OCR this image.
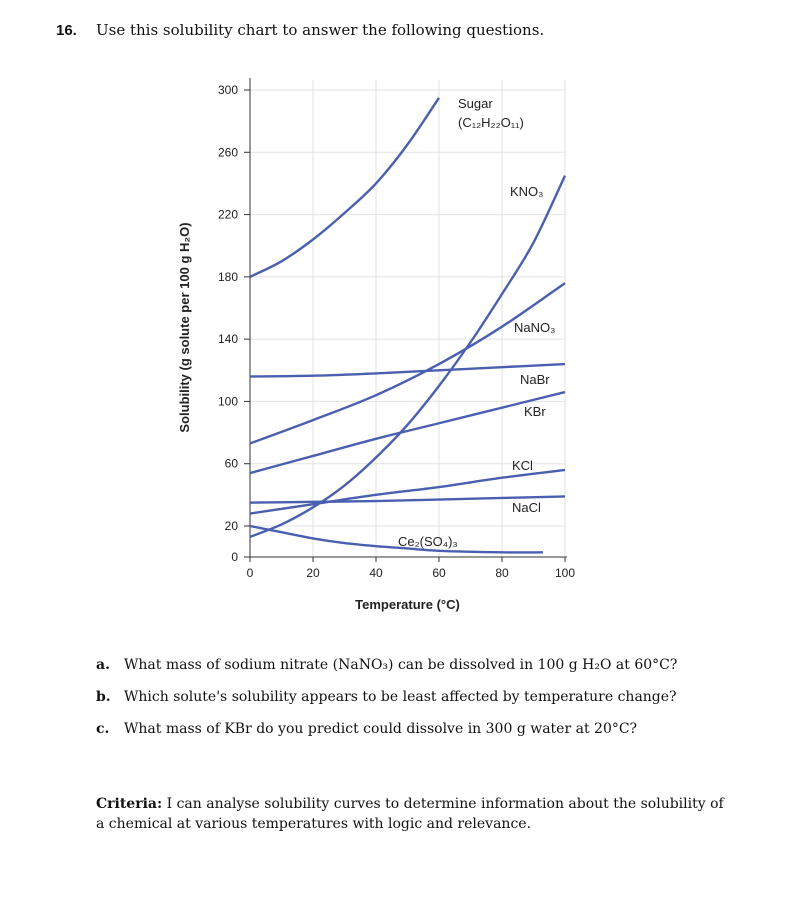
16. Use this solubility chart to answer the following questions.
0	20	40	60	80	100
0
20
60
100
140
180
220
260
300
Temperature (°C)
Solubility (g solute per 100 g H₂O)
Sugar
(C₁₂H₂₂O₁₁)
KNO₃
NaNO₃
NaBr
KBr
KCl
NaCl
Ce₂(SO₄)₃
a. What mass of sodium nitrate (NaNO₃) can be dissolved in 100 g H₂O at 60°C?
b. Which solute's solubility appears to be least affected by temperature change?
c. What mass of KBr do you predict could dissolve in 300 g water at 20°C?
Criteria: I can analyse solubility curves to determine information about the solubility of a chemical at various temperatures with logic and relevance.
